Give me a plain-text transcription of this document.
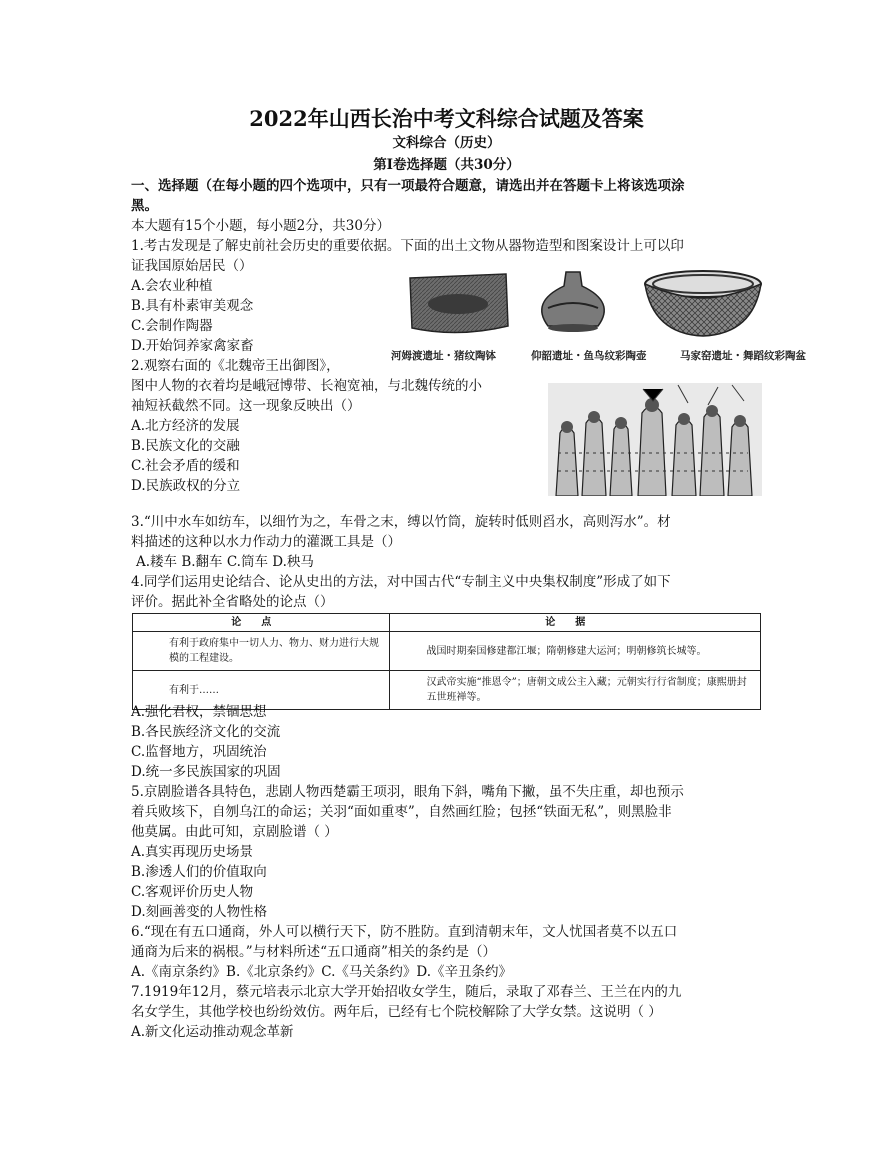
2022年山西长治中考文科综合试题及答案
文科综合（历史）
第Ⅰ卷选择题（共30分）
一、选择题（在每小题的四个选项中，只有一项最符合题意，请选出并在答题卡上将该选项涂
黑。
本大题有15个小题，每小题2分，共30分）
1.考古发现是了解史前社会历史的重要依据。下面的出土文物从器物造型和图案设计上可以印
证我国原始居民（）
A.会农业种植
B.具有朴素审美观念
C.会制作陶器
D.开始饲养家禽家畜
河姆渡遗址・猪纹陶钵	仰韶遗址・鱼鸟纹彩陶壶	马家窑遗址・舞蹈纹彩陶盆
2.观察右面的《北魏帝王出御图》，
图中人物的衣着均是峨冠博带、长袍宽袖，与北魏传统的小
袖短袄截然不同。这一现象反映出（）
A.北方经济的发展
B.民族文化的交融
C.社会矛盾的缓和
D.民族政权的分立
3.“川中水车如纺车，以细竹为之，车骨之末，缚以竹筒，旋转时低则舀水，高则泻水”。材
料描述的这种以水力作动力的灌溉工具是（）
A.耧车 B.翻车 C.筒车 D.秧马
4.同学们运用史论结合、论从史出的方法，对中国古代“专制主义中央集权制度”形成了如下
评价。据此补全省略处的论点（）
论点	论据
有利于政府集中一切人力、物力、财力进行大规模的工程建设。	战国时期秦国修建都江堰；隋朝修建大运河；明朝修筑长城等。
有利于……	汉武帝实施“推恩令”；唐朝文成公主入藏；元朝实行行省制度；康熙册封五世班禅等。
A.强化君权，禁锢思想
B.各民族经济文化的交流
C.监督地方，巩固统治
D.统一多民族国家的巩固
5.京剧脸谱各具特色，悲剧人物西楚霸王项羽，眼角下斜，嘴角下撇，虽不失庄重，却也预示
着兵败垓下，自刎乌江的命运；关羽“面如重枣”，自然画红脸；包拯“铁面无私”，则黑脸非
他莫属。由此可知，京剧脸谱（ ）
A.真实再现历史场景
B.渗透人们的价值取向
C.客观评价历史人物
D.刻画善变的人物性格
6.“现在有五口通商，外人可以横行天下，防不胜防。直到清朝末年，文人忧国者莫不以五口
通商为后来的祸根。”与材料所述“五口通商”相关的条约是（）
A.《南京条约》B.《北京条约》C.《马关条约》D.《辛丑条约》
7.1919年12月，蔡元培表示北京大学开始招收女学生，随后，录取了邓春兰、王兰在内的九
名女学生，其他学校也纷纷效仿。两年后，已经有七个院校解除了大学女禁。这说明（ ）
A.新文化运动推动观念革新
